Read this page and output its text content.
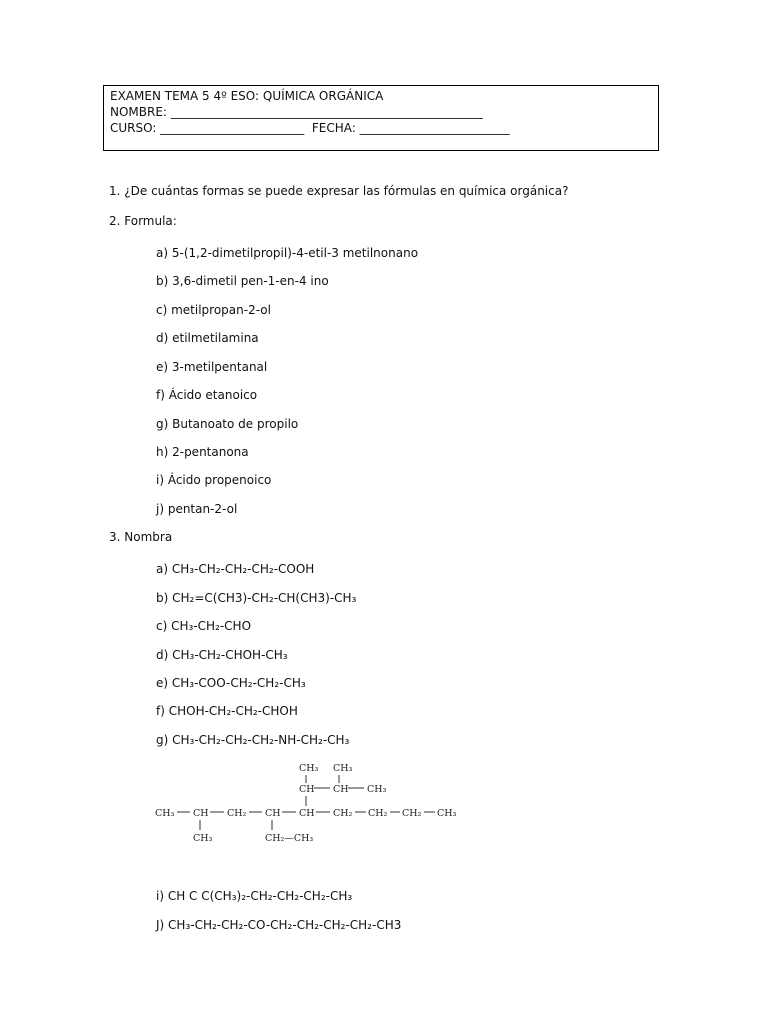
EXAMEN TEMA 5 4º ESO: QUÍMICA ORGÁNICA
NOMBRE: ____________________________________________________
CURSO: ________________________ FECHA: _________________________
1. ¿De cuántas formas se puede expresar las fórmulas en química orgánica?
2. Formula:
a) 5-(1,2-dimetilpropil)-4-etil-3 metilnonano
b) 3,6-dimetil pen-1-en-4 ino
c) metilpropan-2-ol
d) etilmetilamina
e) 3-metilpentanal
f) Ácido etanoico
g) Butanoato de propilo
h) 2-pentanona
i) Ácido propenoico
j) pentan-2-ol
3. Nombra
a) CH₃-CH₂-CH₂-CH₂-COOH
b) CH₂=C(CH3)-CH₂-CH(CH3)-CH₃
c) CH₃-CH₂-CHO
d) CH₃-CH₂-CHOH-CH₃
e) CH₃-COO-CH₂-CH₂-CH₃
f) CHOH-CH₂-CH₂-CHOH
g) CH₃-CH₂-CH₂-CH₂-NH-CH₂-CH₃
CH₃ CH₃
CH CH CH₃
CH₃ CH CH₂ CH CH CH₂ CH₂ CH₂ CH₃
CH₃	CH₂—CH₃
i) CH C C(CH₃)₂-CH₂-CH₂-CH₂-CH₃
J) CH₃-CH₂-CH₂-CO-CH₂-CH₂-CH₂-CH₂-CH3
